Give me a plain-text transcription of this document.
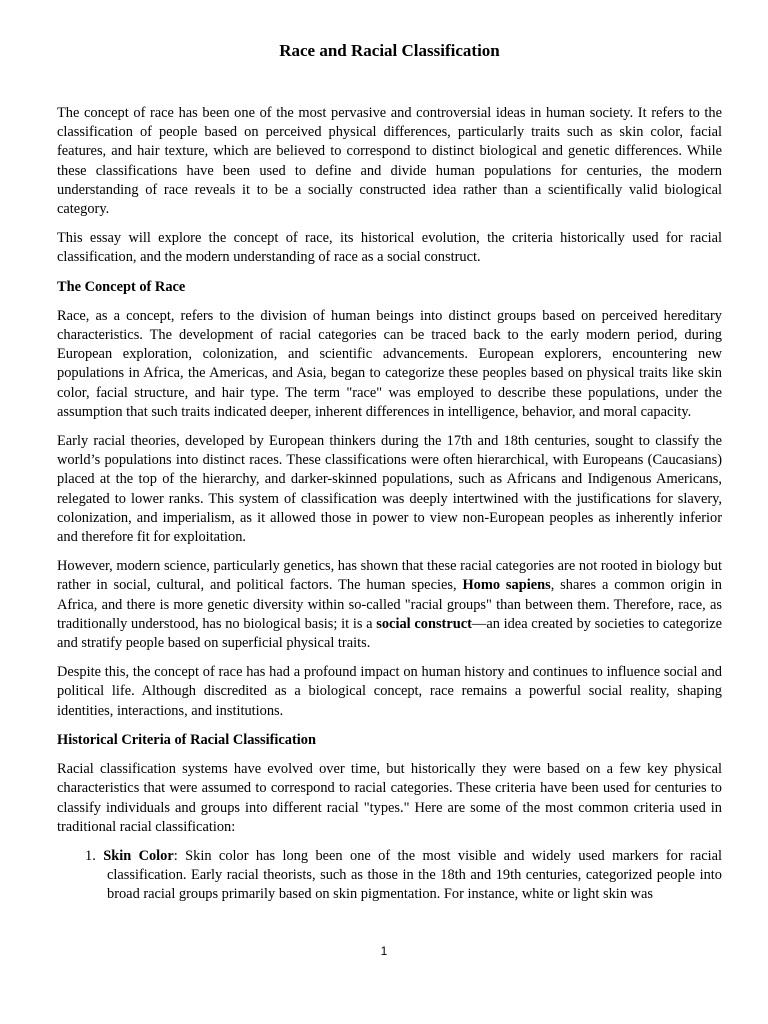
Race and Racial Classification

The concept of race has been one of the most pervasive and controversial ideas in human society. It refers to the classification of people based on perceived physical differences, particularly traits such as skin color, facial features, and hair texture, which are believed to correspond to distinct biological and genetic differences. While these classifications have been used to define and divide human populations for centuries, the modern understanding of race reveals it to be a socially constructed idea rather than a scientifically valid biological category.

This essay will explore the concept of race, its historical evolution, the criteria historically used for racial classification, and the modern understanding of race as a social construct.

The Concept of Race

Race, as a concept, refers to the division of human beings into distinct groups based on perceived hereditary characteristics. The development of racial categories can be traced back to the early modern period, during European exploration, colonization, and scientific advancements. European explorers, encountering new populations in Africa, the Americas, and Asia, began to categorize these peoples based on physical traits like skin color, facial structure, and hair type. The term "race" was employed to describe these populations, under the assumption that such traits indicated deeper, inherent differences in intelligence, behavior, and moral capacity.

Early racial theories, developed by European thinkers during the 17th and 18th centuries, sought to classify the world’s populations into distinct races. These classifications were often hierarchical, with Europeans (Caucasians) placed at the top of the hierarchy, and darker-skinned populations, such as Africans and Indigenous Americans, relegated to lower ranks. This system of classification was deeply intertwined with the justifications for slavery, colonization, and imperialism, as it allowed those in power to view non-European peoples as inherently inferior and therefore fit for exploitation.

However, modern science, particularly genetics, has shown that these racial categories are not rooted in biology but rather in social, cultural, and political factors. The human species, Homo sapiens, shares a common origin in Africa, and there is more genetic diversity within so-called "racial groups" than between them. Therefore, race, as traditionally understood, has no biological basis; it is a social construct—an idea created by societies to categorize and stratify people based on superficial physical traits.

Despite this, the concept of race has had a profound impact on human history and continues to influence social and political life. Although discredited as a biological concept, race remains a powerful social reality, shaping identities, interactions, and institutions.

Historical Criteria of Racial Classification

Racial classification systems have evolved over time, but historically they were based on a few key physical characteristics that were assumed to correspond to racial categories. These criteria have been used for centuries to classify individuals and groups into different racial "types." Here are some of the most common criteria used in traditional racial classification:

1. Skin Color: Skin color has long been one of the most visible and widely used markers for racial classification. Early racial theorists, such as those in the 18th and 19th centuries, categorized people into broad racial groups primarily based on skin pigmentation. For instance, white or light skin was
1
